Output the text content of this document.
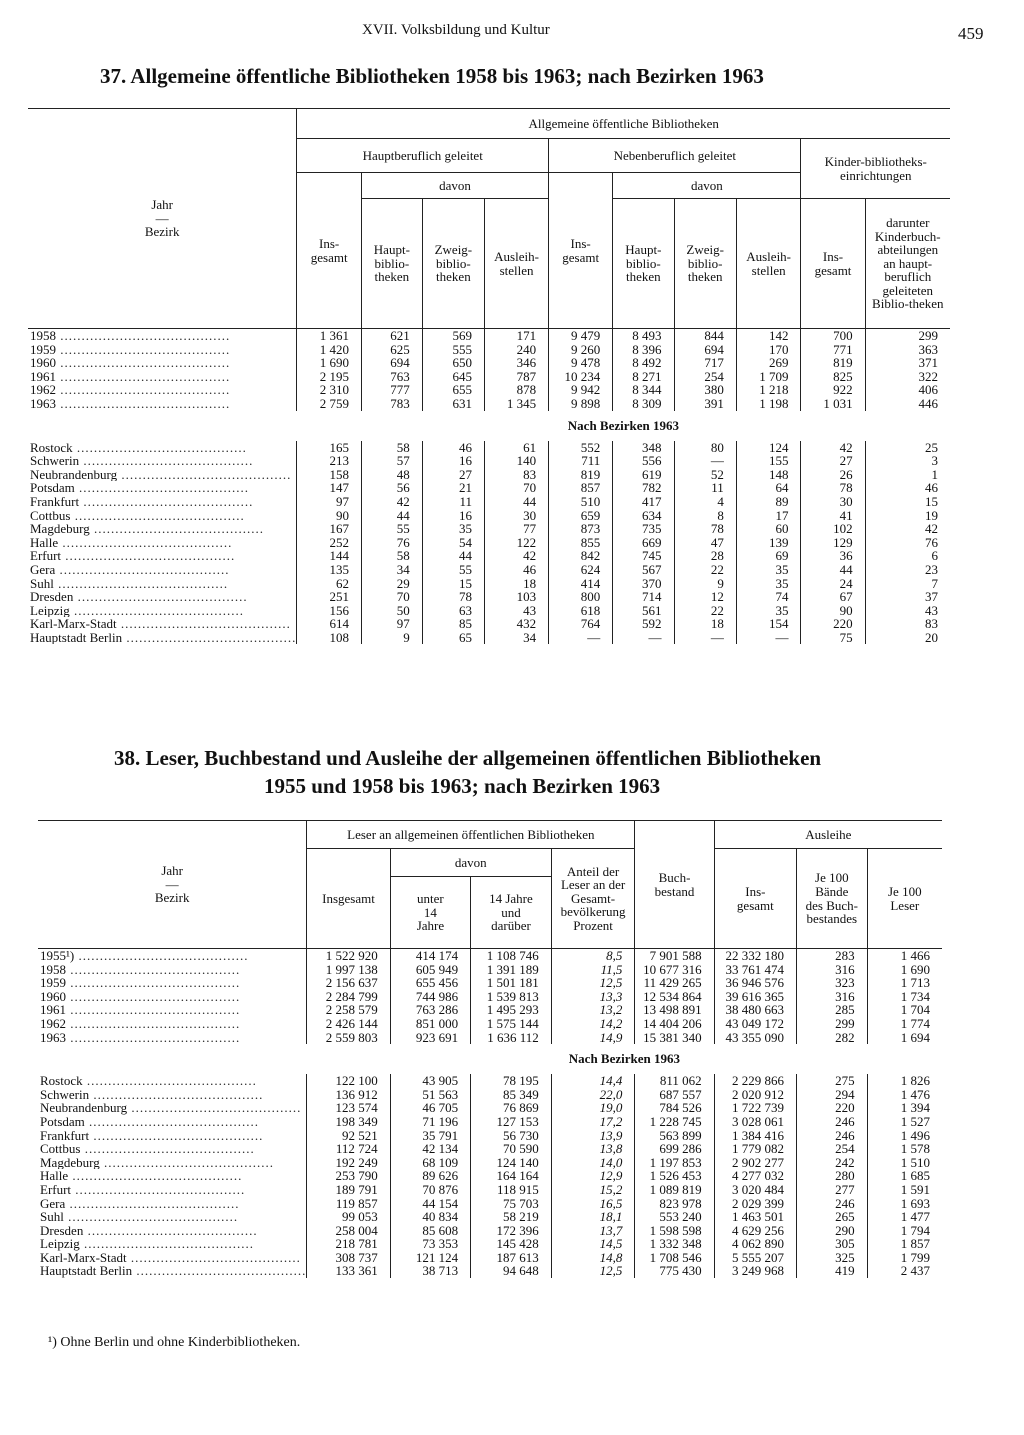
XVII. Volksbildung und Kultur	459
37. Allgemeine öffentliche Bibliotheken 1958 bis 1963; nach Bezirken 1963
Jahr
—
Bezirk	Allgemeine öffentliche Bibliotheken									
	Hauptberuflich geleitet				Nebenberuflich geleitet				Kinder-bibliotheks-einrichtungen	
	Ins-gesamt	davon			Ins-gesamt	davon				
		Haupt-biblio-theken	Zweig-biblio-theken	Ausleih-stellen		Haupt-biblio-theken	Zweig-biblio-theken	Ausleih-stellen	Ins-gesamt	darunter Kinderbuch-abteilungen an haupt-beruflich geleiteten Biblio-theken
1958 ........................................	1 361	621	569	171	9 479	8 493	844	142	700	299
1959 ........................................	1 420	625	555	240	9 260	8 396	694	170	771	363
1960 ........................................	1 690	694	650	346	9 478	8 492	717	269	819	371
1961 ........................................	2 195	763	645	787	10 234	8 271	254	1 709	825	322
1962 ........................................	2 310	777	655	878	9 942	8 344	380	1 218	922	406
1963 ........................................	2 759	783	631	1 345	9 898	8 309	391	1 198	1 031	446
	Nach Bezirken 1963									
Rostock ........................................	165	58	46	61	552	348	80	124	42	25
Schwerin ........................................	213	57	16	140	711	556	—	155	27	3
Neubrandenburg ........................................	158	48	27	83	819	619	52	148	26	1
Potsdam ........................................	147	56	21	70	857	782	11	64	78	46
Frankfurt ........................................	97	42	11	44	510	417	4	89	30	15
Cottbus ........................................	90	44	16	30	659	634	8	17	41	19
Magdeburg ........................................	167	55	35	77	873	735	78	60	102	42
Halle ........................................	252	76	54	122	855	669	47	139	129	76
Erfurt ........................................	144	58	44	42	842	745	28	69	36	6
Gera ........................................	135	34	55	46	624	567	22	35	44	23
Suhl ........................................	62	29	15	18	414	370	9	35	24	7
Dresden ........................................	251	70	78	103	800	714	12	74	67	37
Leipzig ........................................	156	50	63	43	618	561	22	35	90	43
Karl-Marx-Stadt ........................................	614	97	85	432	764	592	18	154	220	83
Hauptstadt Berlin ........................................	108	9	65	34	—	—	—	—	75	20
38. Leser, Buchbestand und Ausleihe der allgemeinen öffentlichen Bibliotheken
1955 und 1958 bis 1963; nach Bezirken 1963
Jahr
—
Bezirk	Leser an allgemeinen öffentlichen Bibliotheken				Buch-bestand	Ausleihe		
	Insgesamt	davon		Anteil der Leser an der Gesamt-bevölkerung Prozent		Ins-gesamt	Je 100 Bände des Buch-bestandes	Je 100 Leser
		unter 14 Jahre	14 Jahre und darüber					
1955¹) ........................................	1 522 920	414 174	1 108 746	8,5	7 901 588	22 332 180	283	1 466
1958 ........................................	1 997 138	605 949	1 391 189	11,5	10 677 316	33 761 474	316	1 690
1959 ........................................	2 156 637	655 456	1 501 181	12,5	11 429 265	36 946 576	323	1 713
1960 ........................................	2 284 799	744 986	1 539 813	13,3	12 534 864	39 616 365	316	1 734
1961 ........................................	2 258 579	763 286	1 495 293	13,2	13 498 891	38 480 663	285	1 704
1962 ........................................	2 426 144	851 000	1 575 144	14,2	14 404 206	43 049 172	299	1 774
1963 ........................................	2 559 803	923 691	1 636 112	14,9	15 381 340	43 355 090	282	1 694
	Nach Bezirken 1963							
Rostock ........................................	122 100	43 905	78 195	14,4	811 062	2 229 866	275	1 826
Schwerin ........................................	136 912	51 563	85 349	22,0	687 557	2 020 912	294	1 476
Neubrandenburg ........................................	123 574	46 705	76 869	19,0	784 526	1 722 739	220	1 394
Potsdam ........................................	198 349	71 196	127 153	17,2	1 228 745	3 028 061	246	1 527
Frankfurt ........................................	92 521	35 791	56 730	13,9	563 899	1 384 416	246	1 496
Cottbus ........................................	112 724	42 134	70 590	13,8	699 286	1 779 082	254	1 578
Magdeburg ........................................	192 249	68 109	124 140	14,0	1 197 853	2 902 277	242	1 510
Halle ........................................	253 790	89 626	164 164	12,9	1 526 453	4 277 032	280	1 685
Erfurt ........................................	189 791	70 876	118 915	15,2	1 089 819	3 020 484	277	1 591
Gera ........................................	119 857	44 154	75 703	16,5	823 978	2 029 399	246	1 693
Suhl ........................................	99 053	40 834	58 219	18,1	553 240	1 463 501	265	1 477
Dresden ........................................	258 004	85 608	172 396	13,7	1 598 598	4 629 256	290	1 794
Leipzig ........................................	218 781	73 353	145 428	14,5	1 332 348	4 062 890	305	1 857
Karl-Marx-Stadt ........................................	308 737	121 124	187 613	14,8	1 708 546	5 555 207	325	1 799
Hauptstadt Berlin ........................................	133 361	38 713	94 648	12,5	775 430	3 249 968	419	2 437
¹) Ohne Berlin und ohne Kinderbibliotheken.
